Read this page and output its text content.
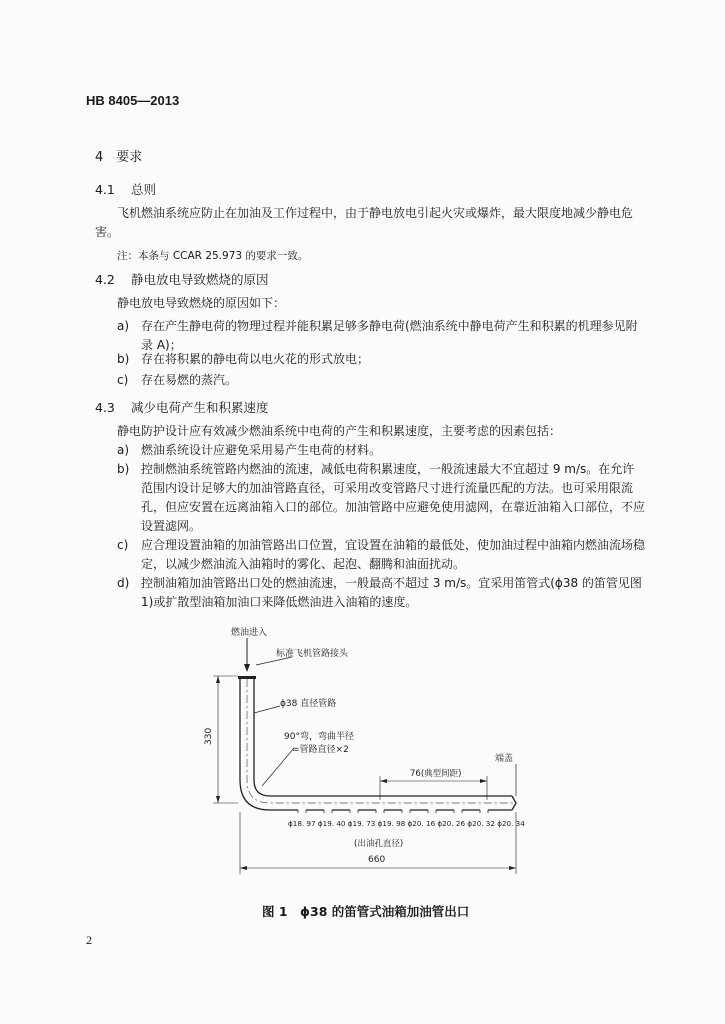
HB 8405—2013
4　要求
4.1 总则
飞机燃油系统应防止在加油及工作过程中，由于静电放电引起火灾或爆炸，最大限度地减少静电危
害。
注：本条与 CCAR 25.973 的要求一致。
4.2 静电放电导致燃烧的原因
静电放电导致燃烧的原因如下：
a) 存在产生静电荷的物理过程并能积累足够多静电荷(燃油系统中静电荷产生和积累的机理参见附录 A)；
b) 存在将积累的静电荷以电火花的形式放电；
c) 存在易燃的蒸汽。
4.3 减少电荷产生和积累速度
静电防护设计应有效减少燃油系统中电荷的产生和积累速度，主要考虑的因素包括：
a) 燃油系统设计应避免采用易产生电荷的材料。
b) 控制燃油系统管路内燃油的流速，减低电荷积累速度，一般流速最大不宜超过 9 m/s。在允许范围内设计足够大的加油管路直径，可采用改变管路尺寸进行流量匹配的方法。也可采用限流孔，但应安置在远离油箱入口的部位。加油管路中应避免使用滤网，在靠近油箱入口部位，不应设置滤网。
c) 应合理设置油箱的加油管路出口位置，宜设置在油箱的最低处，使加油过程中油箱内燃油流场稳定，以减少燃油流入油箱时的雾化、起泡、翻腾和油面扰动。
d) 控制油箱加油管路出口处的燃油流速，一般最高不超过 3 m/s。宜采用笛管式(ϕ38 的笛管见图 1)或扩散型油箱加油口来降低燃油进入油箱的速度。
燃油进入
标准飞机管路接头
ϕ38 直径管路
90°弯，弯曲半径
=管路直径×2
76(典型间距)
端盖
ϕ18. 97 ϕ19. 40 ϕ19. 73 ϕ19. 98 ϕ20. 16 ϕ20. 26 ϕ20. 32 ϕ20. 34
(出油孔直径)
330
660
图 1　ϕ38 的笛管式油箱加油管出口
2
